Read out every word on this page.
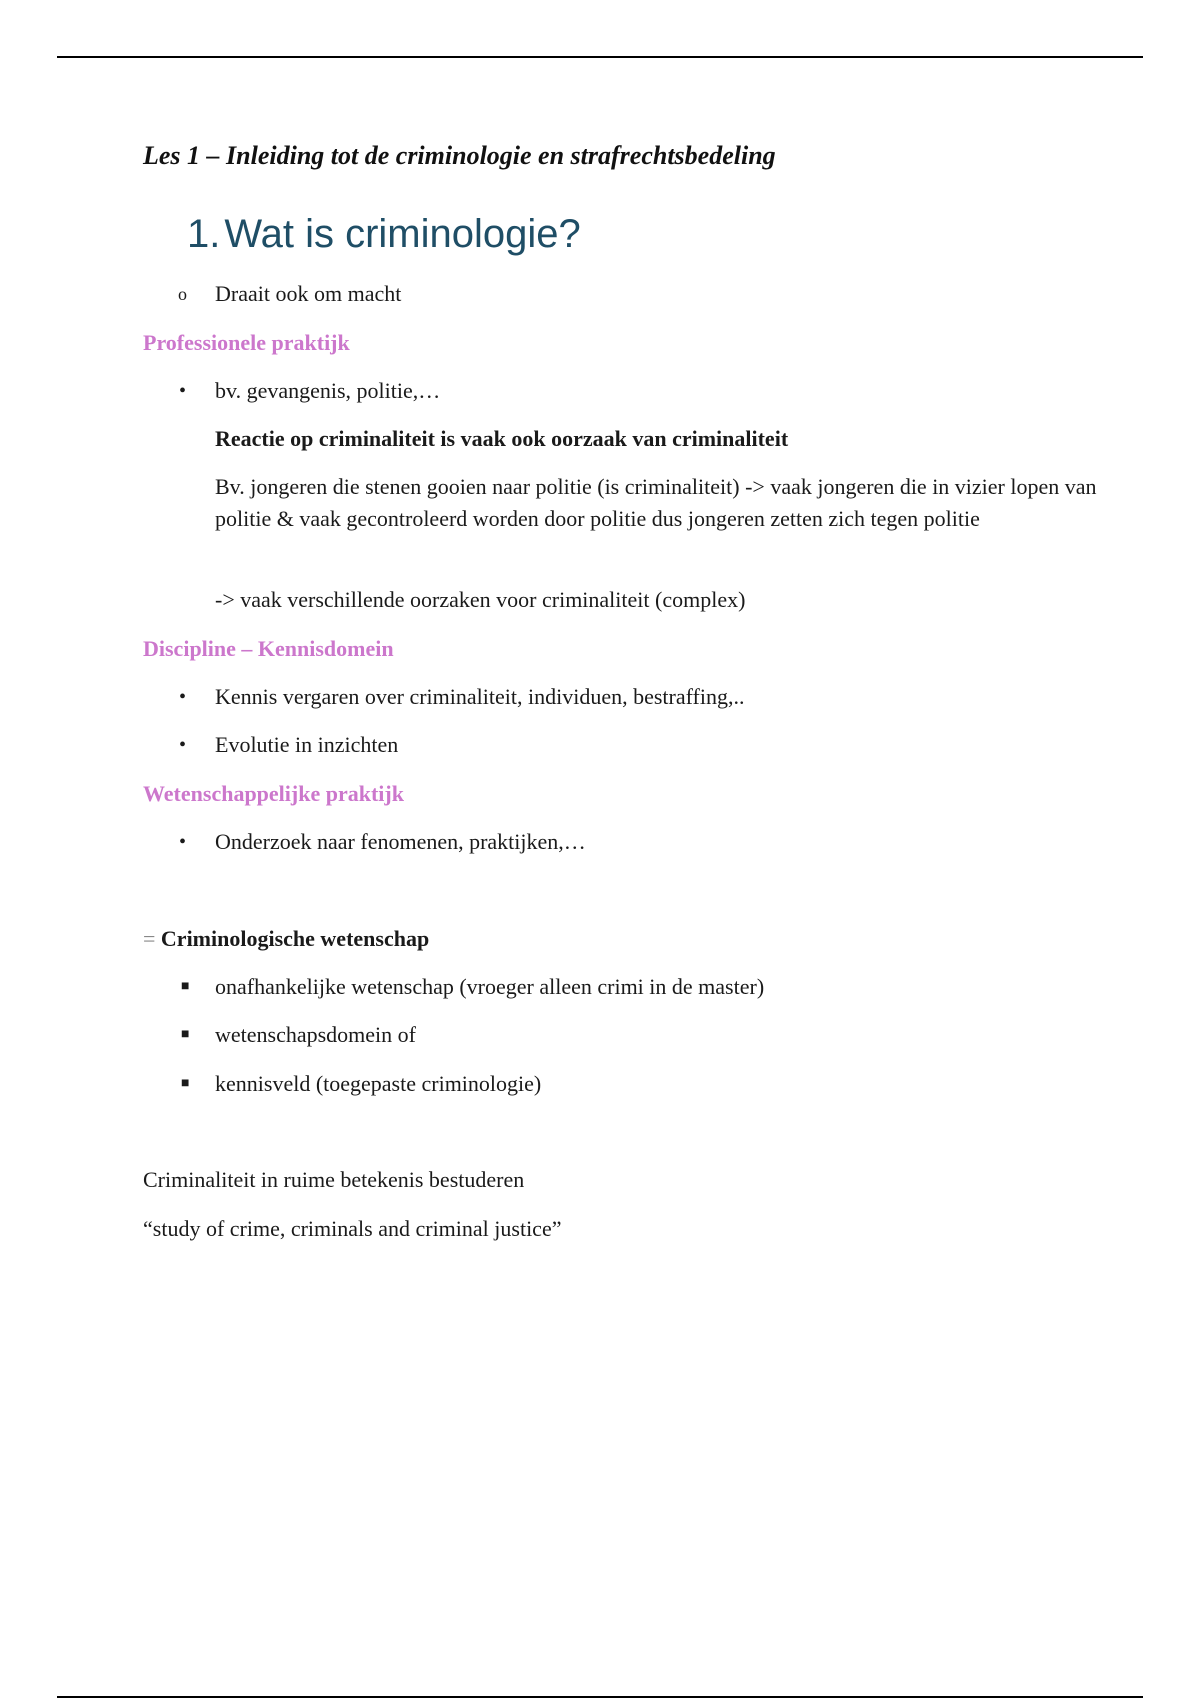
Les 1 – Inleiding tot de criminologie en strafrechtsbedeling
1. Wat is criminologie?
o Draait ook om macht
Professionele praktijk
• bv. gevangenis, politie,…
Reactie op criminaliteit is vaak ook oorzaak van criminaliteit
Bv. jongeren die stenen gooien naar politie (is criminaliteit) -> vaak jongeren die in vizier lopen van politie & vaak gecontroleerd worden door politie dus jongeren zetten zich tegen politie
-> vaak verschillende oorzaken voor criminaliteit (complex)
Discipline – Kennisdomein
• Kennis vergaren over criminaliteit, individuen, bestraffing,..
• Evolutie in inzichten
Wetenschappelijke praktijk
• Onderzoek naar fenomenen, praktijken,…
= Criminologische wetenschap
■ onafhankelijke wetenschap (vroeger alleen crimi in de master)
■ wetenschapsdomein of
■ kennisveld (toegepaste criminologie)
Criminaliteit in ruime betekenis bestuderen
“study of crime, criminals and criminal justice”
